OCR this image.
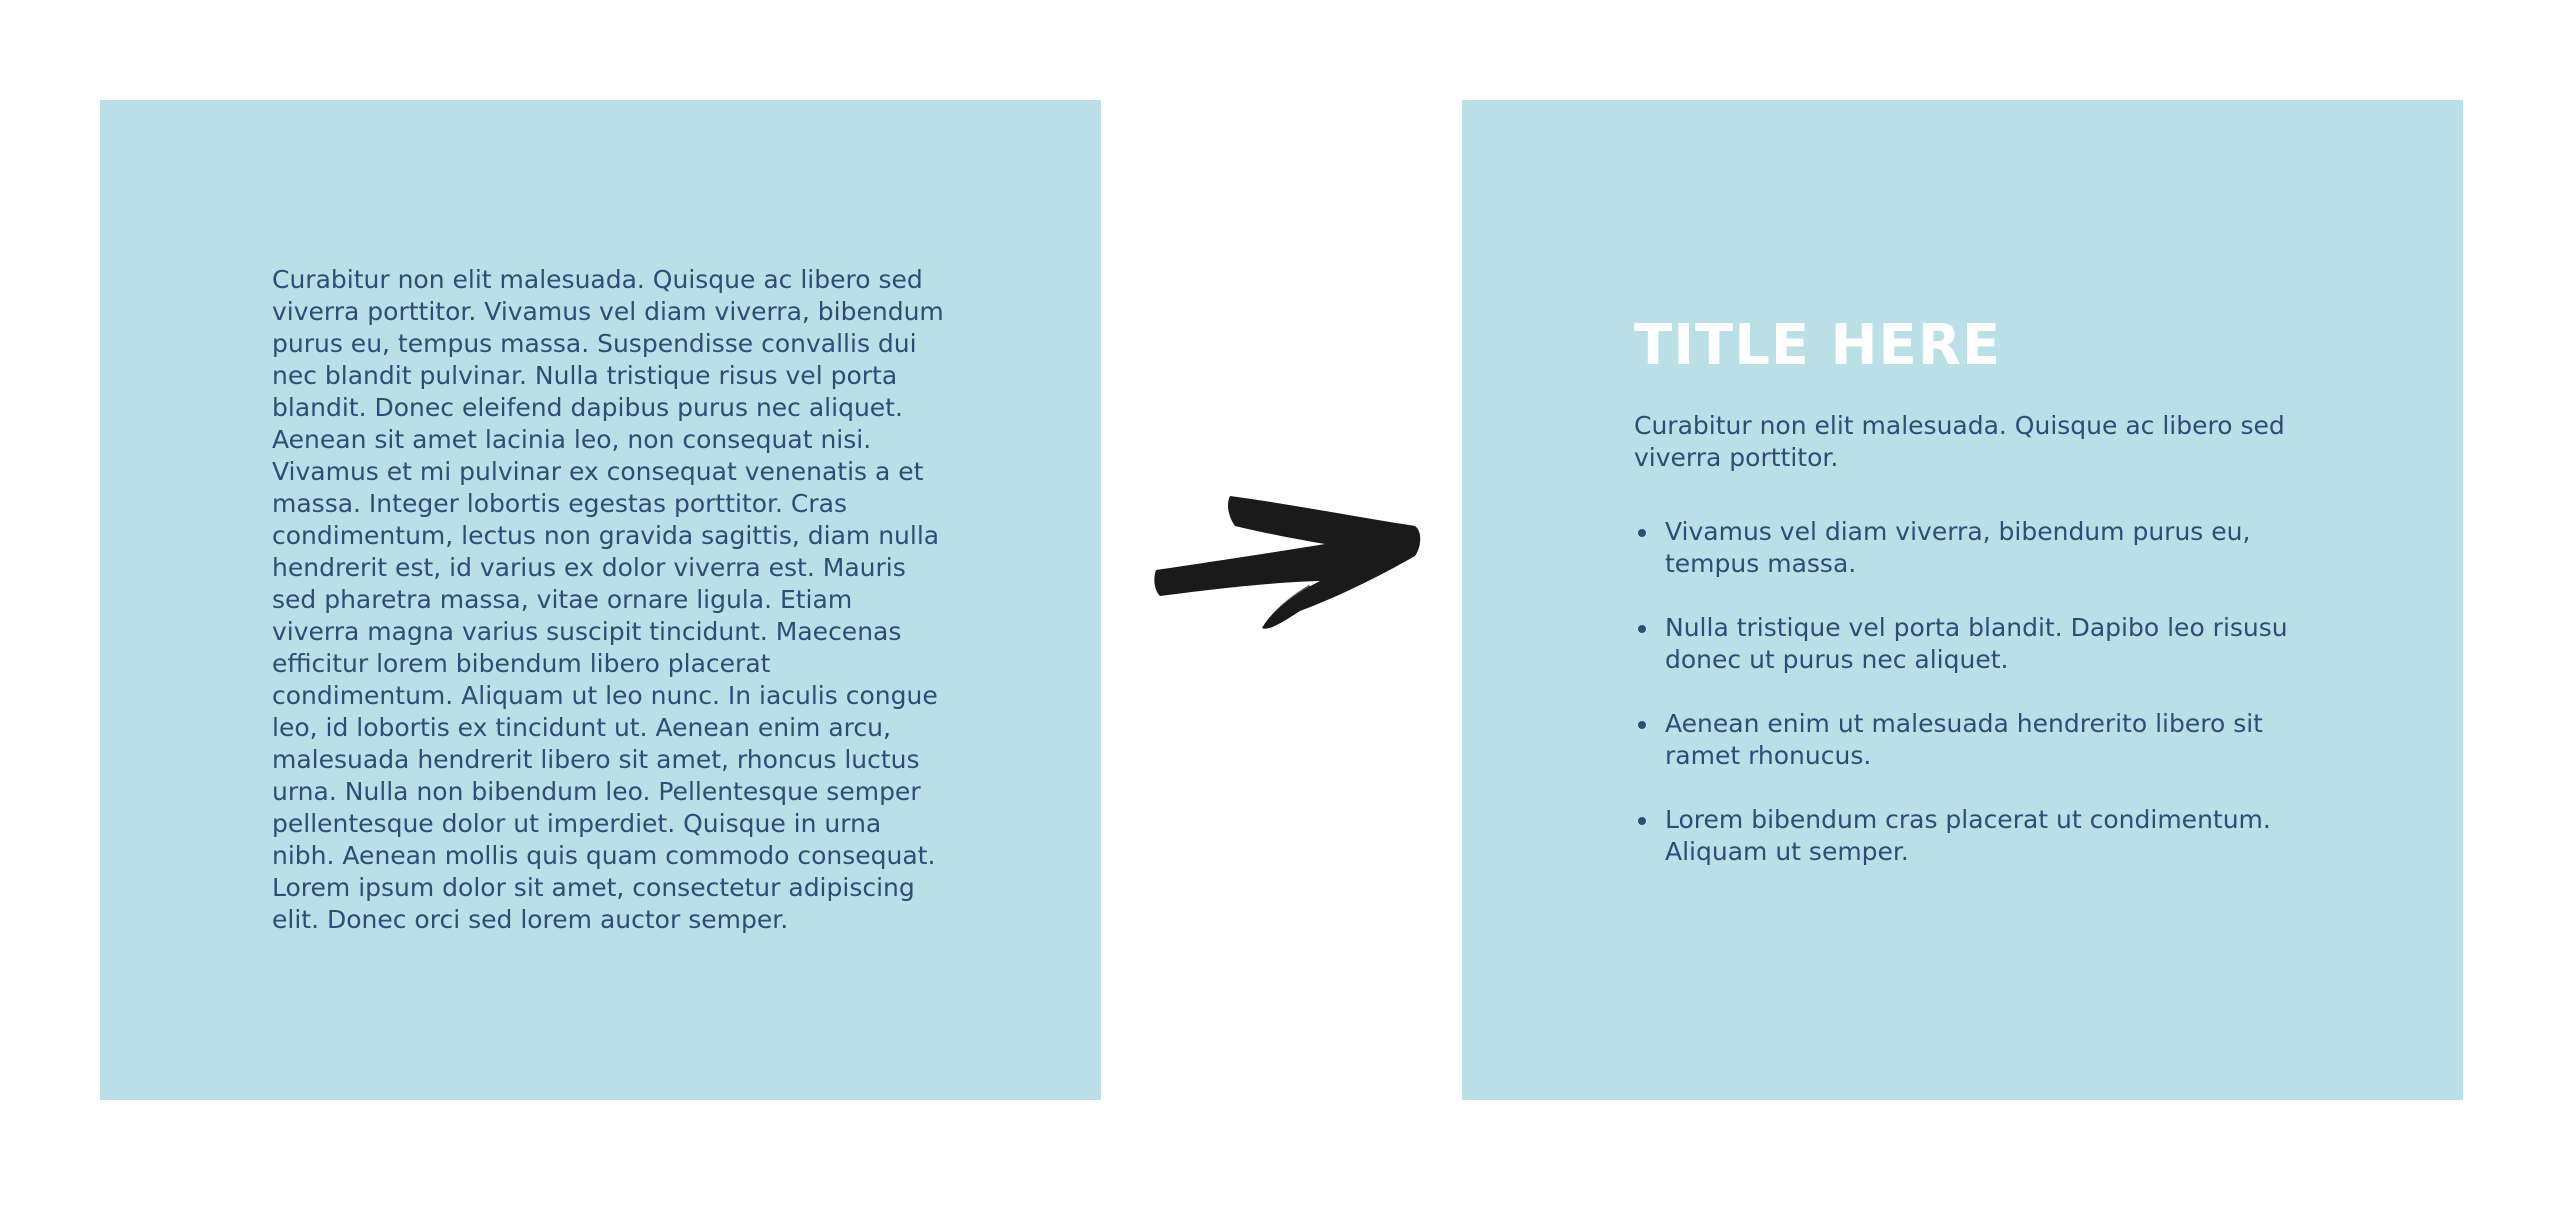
Curabitur non elit malesuada. Quisque ac libero sed viverra porttitor. Vivamus vel diam viverra, bibendum purus eu, tempus massa. Suspendisse convallis dui nec blandit pulvinar. Nulla tristique risus vel porta blandit. Donec eleifend dapibus purus nec aliquet. Aenean sit amet lacinia leo, non consequat nisi. Vivamus et mi pulvinar ex consequat venenatis a et massa. Integer lobortis egestas porttitor. Cras condimentum, lectus non gravida sagittis, diam nulla hendrerit est, id varius ex dolor viverra est. Mauris sed pharetra massa, vitae ornare ligula. Etiam viverra magna varius suscipit tincidunt. Maecenas efficitur lorem bibendum libero placerat condimentum. Aliquam ut leo nunc. In iaculis congue leo, id lobortis ex tincidunt ut. Aenean enim arcu, malesuada hendrerit libero sit amet, rhoncus luctus urna. Nulla non bibendum leo. Pellentesque semper pellentesque dolor ut imperdiet. Quisque in urna nibh. Aenean mollis quis quam commodo consequat. Lorem ipsum dolor sit amet, consectetur adipiscing elit. Donec orci sed lorem auctor semper.

TITLE HERE

Curabitur non elit malesuada. Quisque ac libero sed viverra porttitor.

Vivamus vel diam viverra, bibendum purus eu, tempus massa.
Nulla tristique vel porta blandit. Dapibo leo risusu donec ut purus nec aliquet.
Aenean enim ut malesuada hendrerito libero sit ramet rhonucus.
Lorem bibendum cras placerat ut condimentum. Aliquam ut semper.
